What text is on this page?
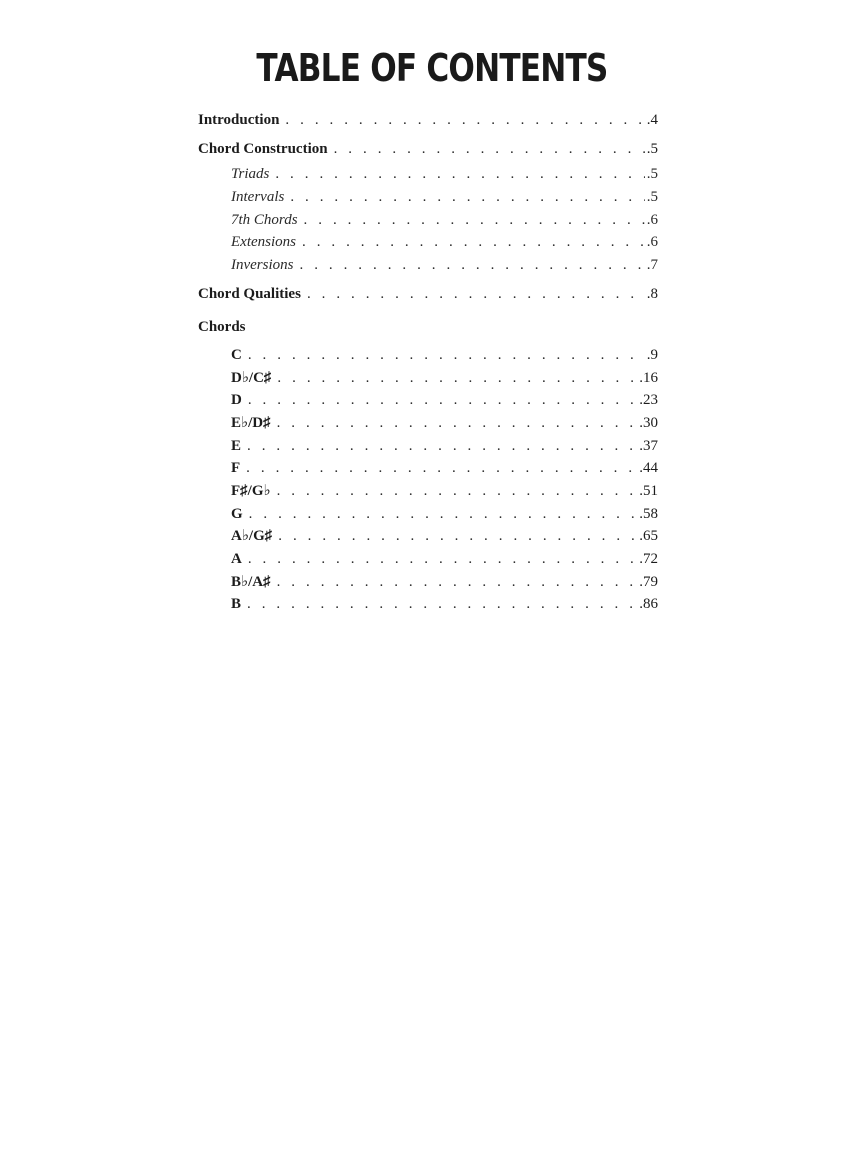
TABLE OF CONTENTS
Introduction . . .	.4
Chord Construction . . .	.5
Triads . . .	.5
Intervals . . .	.5
7th Chords . . .	.6
Extensions . . .	.6
Inversions . . .	.7
Chord Qualities . . .	.8
Chords
C . . .	.9
D♭/C♯ . . .	.16
D . . .	.23
E♭/D♯ . . .	.30
E . . .	.37
F . . .	.44
F♯/G♭ . . .	.51
G . . .	.58
A♭/G♯ . . .	.65
A . . .	.72
B♭/A♯ . . .	.79
B . . .	.86
